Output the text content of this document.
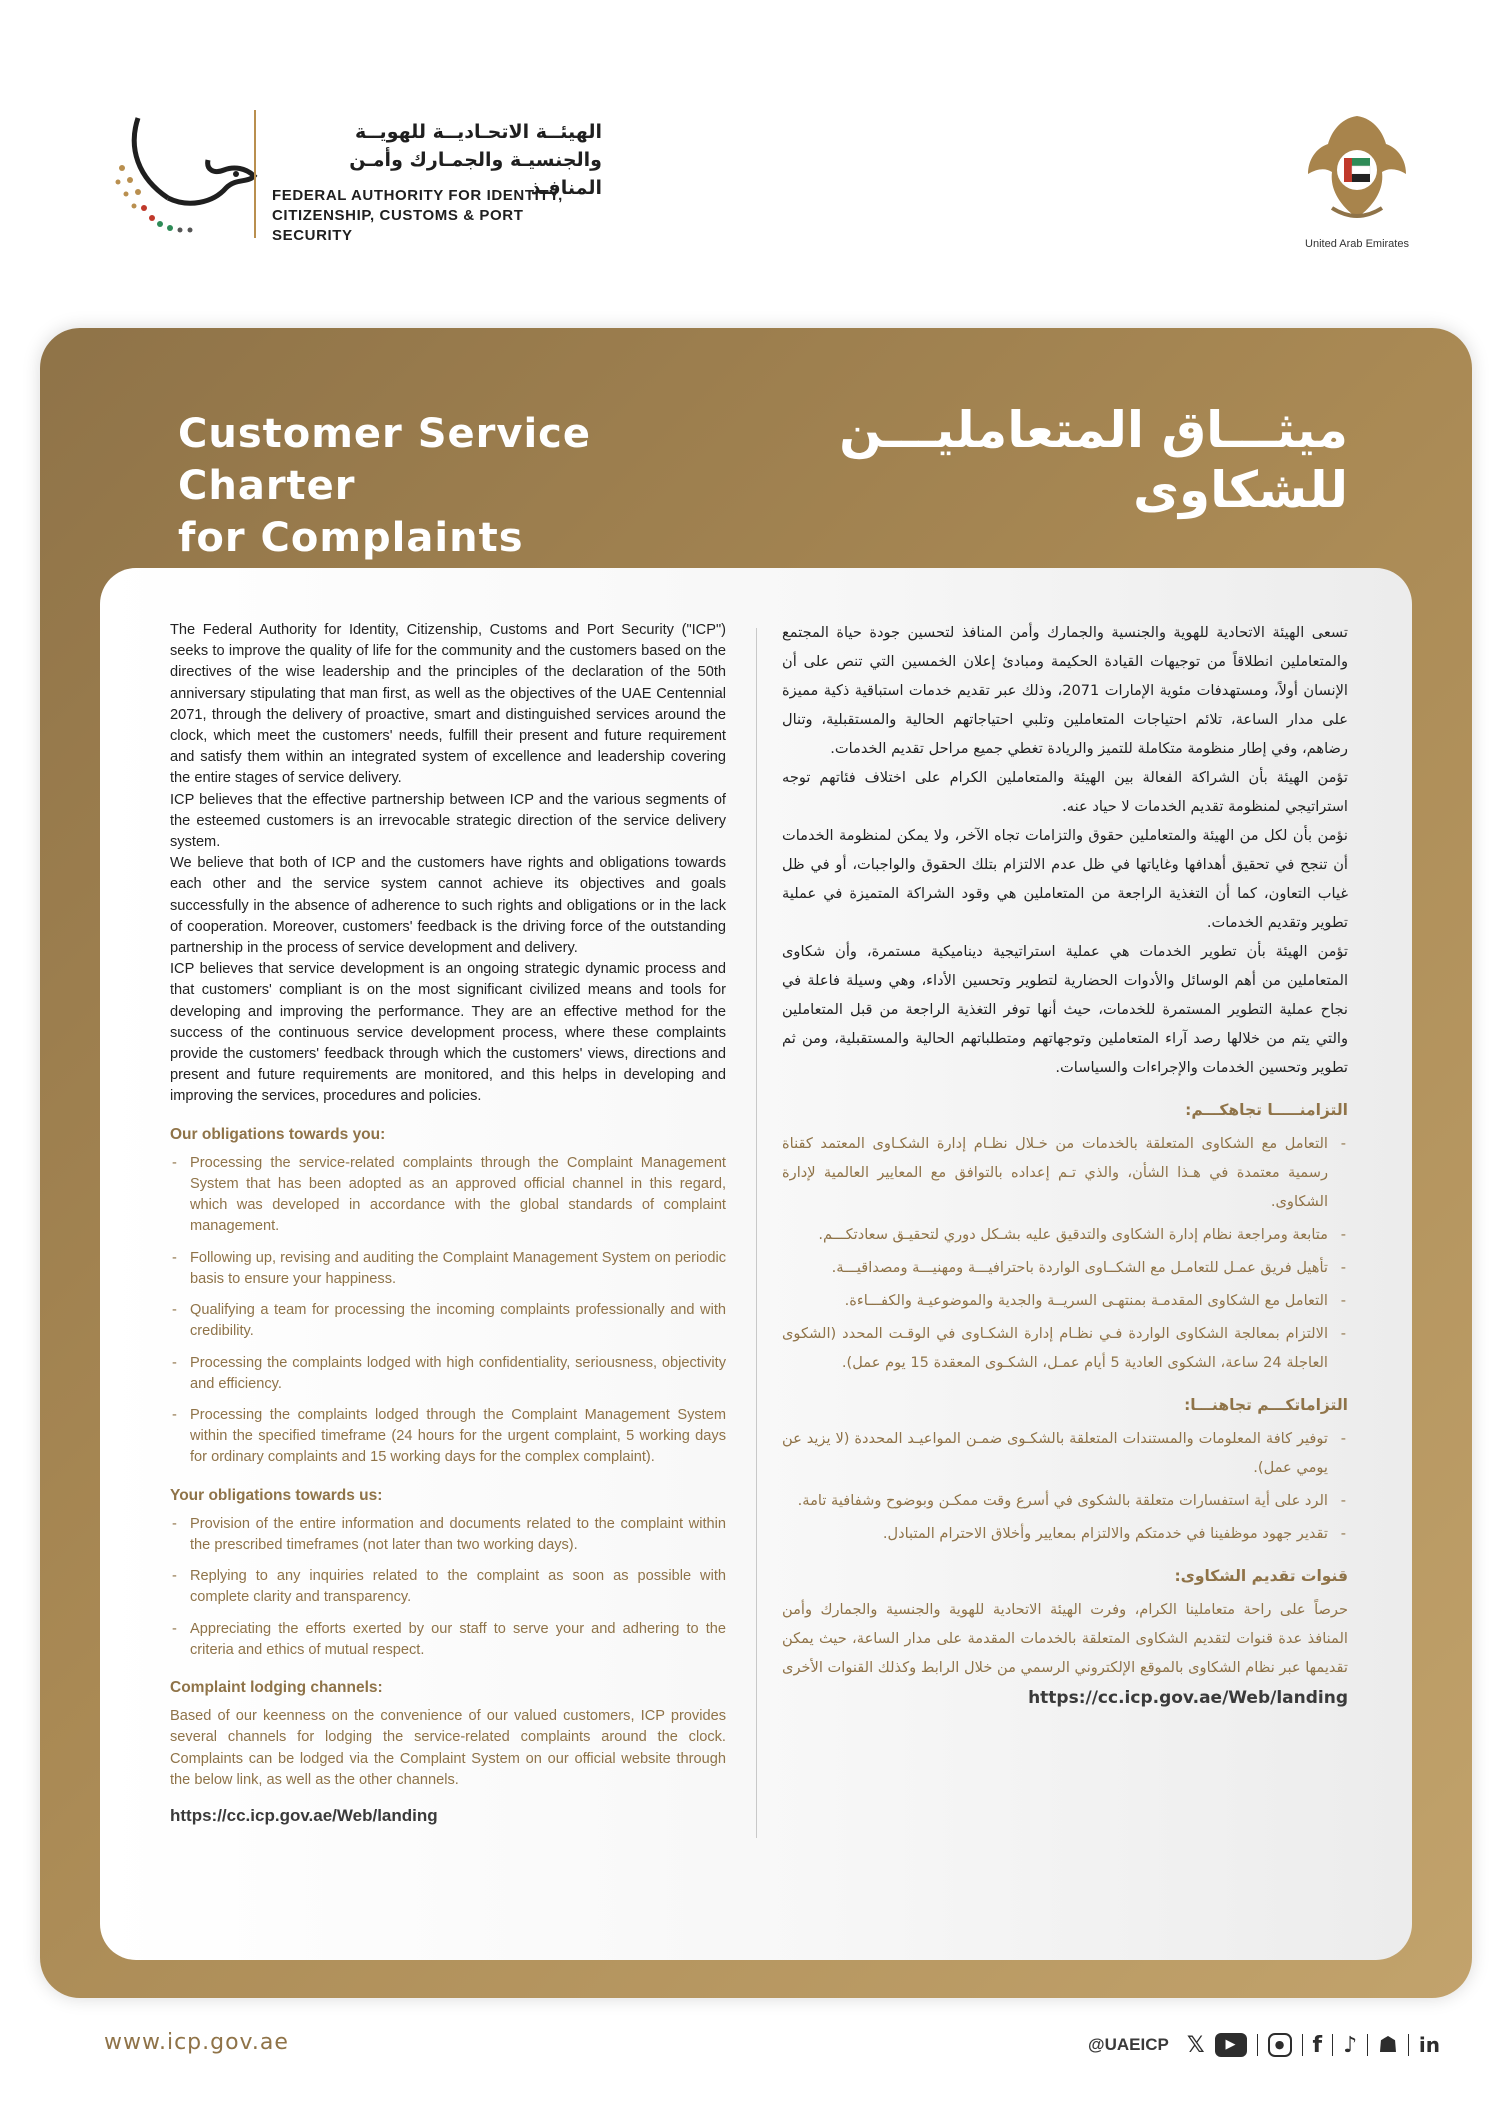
الهيئــة الاتحـاديــة للهويــة
والجنسيـة والجمـارك وأمـن المنافـذ
FEDERAL AUTHORITY FOR IDENTITY,
CITIZENSHIP, CUSTOMS & PORT SECURITY	United Arab Emirates
Customer Service Charter
for Complaints
ميثـــاق المتعامليـــن
للشكاوى

The Federal Authority for Identity, Citizenship, Customs and Port Security ("ICP") seeks to improve the quality of life for the community and the customers based on the directives of the wise leadership and the principles of the declaration of the 50th anniversary stipulating that man first, as well as the objectives of the UAE Centennial 2071, through the delivery of proactive, smart and distinguished services around the clock, which meet the customers' needs, fulfill their present and future requirement and satisfy them within an integrated system of excellence and leadership covering the entire stages of service delivery.

ICP believes that the effective partnership between ICP and the various segments of the esteemed customers is an irrevocable strategic direction of the service delivery system.

We believe that both of ICP and the customers have rights and obligations towards each other and the service system cannot achieve its objectives and goals successfully in the absence of adherence to such rights and obligations or in the lack of cooperation. Moreover, customers' feedback is the driving force of the outstanding partnership in the process of service development and delivery.

ICP believes that service development is an ongoing strategic dynamic process and that customers' compliant is on the most significant civilized means and tools for developing and improving the performance. They are an effective method for the success of the continuous service development process, where these complaints provide the customers' feedback through which the customers' views, directions and present and future requirements are monitored, and this helps in developing and improving the services, procedures and policies.

Our obligations towards you:
- Processing the service-related complaints through the Complaint Management System that has been adopted as an approved official channel in this regard, which was developed in accordance with the global standards of complaint management.
- Following up, revising and auditing the Complaint Management System on periodic basis to ensure your happiness.
- Qualifying a team for processing the incoming complaints professionally and with credibility.
- Processing the complaints lodged with high confidentiality, seriousness, objectivity and efficiency.
- Processing the complaints lodged through the Complaint Management System within the specified timeframe (24 hours for the urgent complaint, 5 working days for ordinary complaints and 15 working days for the complex complaint).
Your obligations towards us:
- Provision of the entire information and documents related to the complaint within the prescribed timeframes (not later than two working days).
- Replying to any inquiries related to the complaint as soon as possible with complete clarity and transparency.
- Appreciating the efforts exerted by our staff to serve your and adhering to the criteria and ethics of mutual respect.
Complaint lodging channels:

Based of our keenness on the convenience of our valued customers, ICP provides several channels for lodging the service-related complaints around the clock. Complaints can be lodged via the Complaint System on our official website through the below link, as well as the other channels.

https://cc.icp.gov.ae/Web/landing

تسعى الهيئة الاتحادية للهوية والجنسية والجمارك وأمن المنافذ لتحسين جودة حياة المجتمع والمتعاملين انطلاقاً من توجيهات القيادة الحكيمة ومبادئ إعلان الخمسين التي تنص على أن الإنسان أولاً، ومستهدفات مئوية الإمارات 2071، وذلك عبر تقديم خدمات استباقية ذكية مميزة على مدار الساعة، تلائم احتياجات المتعاملين وتلبي احتياجاتهم الحالية والمستقبلية، وتنال رضاهم، وفي إطار منظومة متكاملة للتميز والريادة تغطي جميع مراحل تقديم الخدمات.

تؤمن الهيئة بأن الشراكة الفعالة بين الهيئة والمتعاملين الكرام على اختلاف فئاتهم توجه استراتيجي لمنظومة تقديم الخدمات لا حياد عنه.

نؤمن بأن لكل من الهيئة والمتعاملين حقوق والتزامات تجاه الآخر، ولا يمكن لمنظومة الخدمات أن تنجح في تحقيق أهدافها وغاياتها في ظل عدم الالتزام بتلك الحقوق والواجبات، أو في ظل غياب التعاون، كما أن التغذية الراجعة من المتعاملين هي وقود الشراكة المتميزة في عملية تطوير وتقديم الخدمات.

تؤمن الهيئة بأن تطوير الخدمات هي عملية استراتيجية ديناميكية مستمرة، وأن شكاوى المتعاملين من أهم الوسائل والأدوات الحضارية لتطوير وتحسين الأداء، وهي وسيلة فاعلة في نجاح عملية التطوير المستمرة للخدمات، حيث أنها توفر التغذية الراجعة من قبل المتعاملين والتي يتم من خلالها رصد آراء المتعاملين وتوجهاتهم ومتطلباتهم الحالية والمستقبلية، ومن ثم تطوير وتحسين الخدمات والإجراءات والسياسات.

التزامنـــــا تجاهكـــم:
- التعامل مع الشكاوى المتعلقة بالخدمات من خـلال نظـام إدارة الشكـاوى المعتمد كقناة رسمية معتمدة في هـذا الشأن، والذي تـم إعداده بالتوافق مع المعايير العالمية لإدارة الشكاوى.
- متابعة ومراجعة نظام إدارة الشكاوى والتدقيق عليه بشـكل دوري لتحقيـق سعادتكـــم.
- تأهيل فريق عمـل للتعامـل مع الشكــاوى الواردة باحترافيـــة ومهنيـــة ومصداقيـــة.
- التعامل مع الشكاوى المقدمـة بمنتهـى السريــة والجدية والموضوعيـة والكفـــاءة.
- الالتزام بمعالجة الشكاوى الواردة فـي نظـام إدارة الشكـاوى في الوقـت المحدد (الشكوى العاجلة 24 ساعة، الشكوى العادية 5 أيام عمـل، الشكـوى المعقدة 15 يوم عمل).
التزاماتكـــم تجاهنـــا:
- توفير كافة المعلومات والمستندات المتعلقة بالشكـوى ضمـن المواعيـد المحددة (لا يزيد عن يومي عمل).
- الرد على أية استفسارات متعلقة بالشكوى في أسرع وقت ممكـن وبوضوح وشفافية تامة.
- تقدير جهود موظفينا في خدمتكم والالتزام بمعايير وأخلاق الاحترام المتبادل.
قنوات تقديم الشكاوى:

حرصاً على راحة متعاملينا الكرام، وفرت الهيئة الاتحادية للهوية والجنسية والجمارك وأمن المنافذ عدة قنوات لتقديم الشكاوى المتعلقة بالخدمات المقدمة على مدار الساعة، حيث يمكن تقديمها عبر نظام الشكاوى بالموقع الإلكتروني الرسمي من خلال الرابط وكذلك القنوات الأخرى

https://cc.icp.gov.ae/Web/landing
www.icp.gov.ae	@UAEICP 𝕏	▶	●	f ♪ ☗ in
